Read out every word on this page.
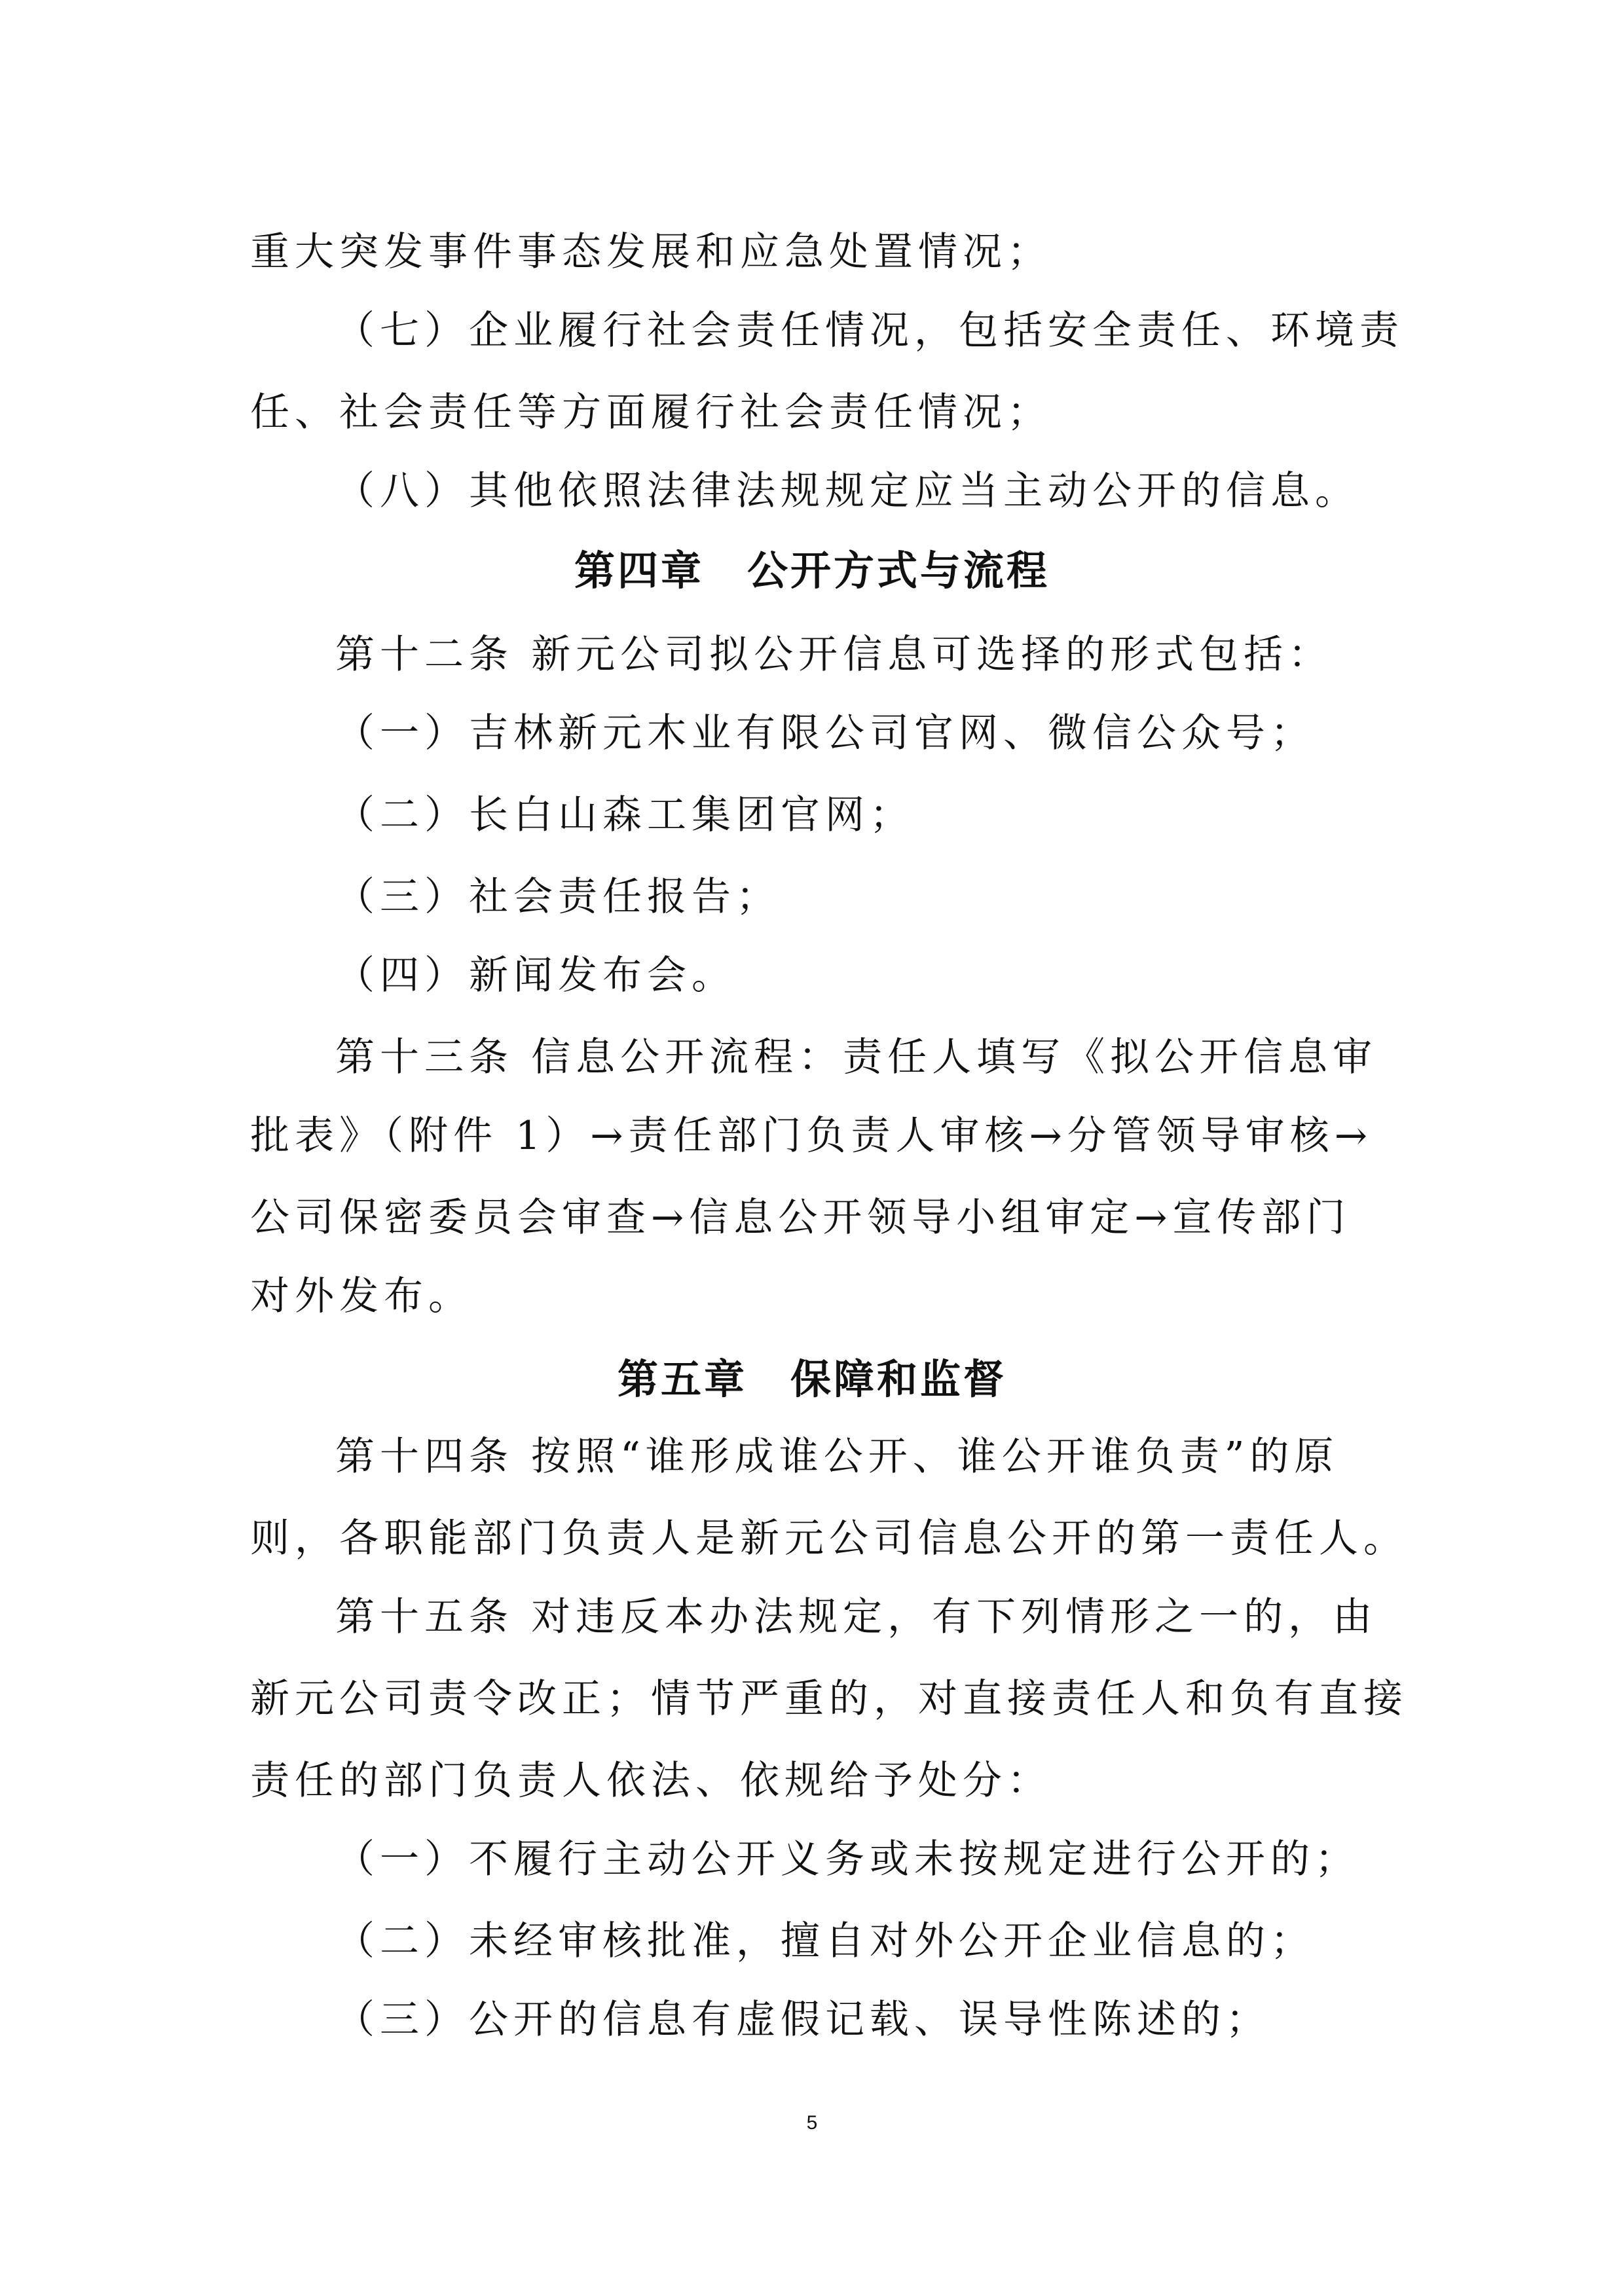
重大突发事件事态发展和应急处置情况；
（七）企业履行社会责任情况，包括安全责任、环境责
任、社会责任等方面履行社会责任情况；
（八）其他依照法律法规规定应当主动公开的信息。
第四章　公开方式与流程
第十二条 新元公司拟公开信息可选择的形式包括：
（一）吉林新元木业有限公司官网、微信公众号；
（二）长白山森工集团官网；
（三）社会责任报告；
（四）新闻发布会。
第十三条 信息公开流程：责任人填写《拟公开信息审
批表》（附件 1）→责任部门负责人审核→分管领导审核→
公司保密委员会审查→信息公开领导小组审定→宣传部门
对外发布。
第五章　保障和监督
第十四条 按照“谁形成谁公开、谁公开谁负责”的原
则，各职能部门负责人是新元公司信息公开的第一责任人。
第十五条 对违反本办法规定，有下列情形之一的，由
新元公司责令改正；情节严重的，对直接责任人和负有直接
责任的部门负责人依法、依规给予处分：
（一）不履行主动公开义务或未按规定进行公开的；
（二）未经审核批准，擅自对外公开企业信息的；
（三）公开的信息有虚假记载、误导性陈述的；
5
